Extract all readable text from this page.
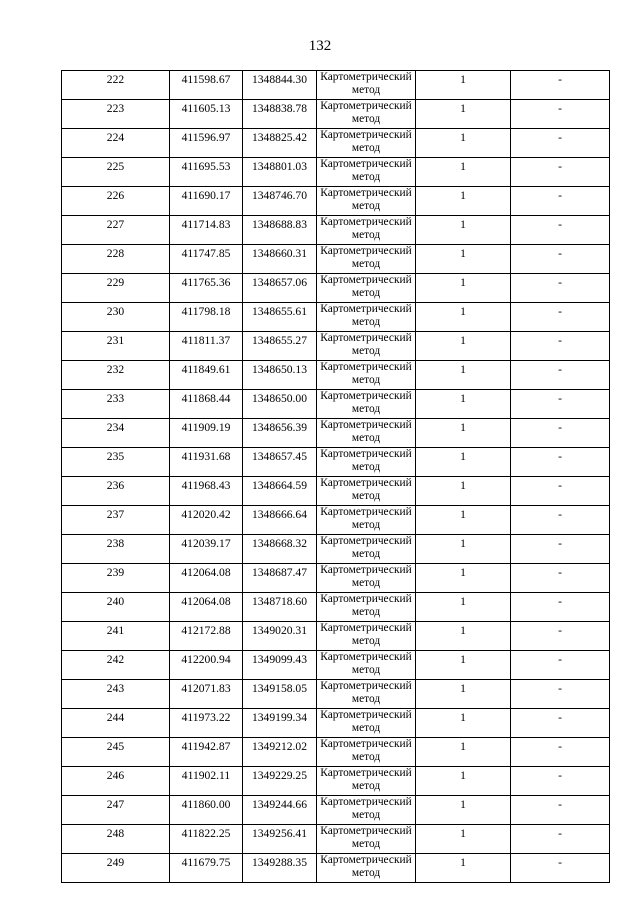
132
222	411598.67	1348844.30	Картометрический метод	1	-
223	411605.13	1348838.78	Картометрический метод	1	-
224	411596.97	1348825.42	Картометрический метод	1	-
225	411695.53	1348801.03	Картометрический метод	1	-
226	411690.17	1348746.70	Картометрический метод	1	-
227	411714.83	1348688.83	Картометрический метод	1	-
228	411747.85	1348660.31	Картометрический метод	1	-
229	411765.36	1348657.06	Картометрический метод	1	-
230	411798.18	1348655.61	Картометрический метод	1	-
231	411811.37	1348655.27	Картометрический метод	1	-
232	411849.61	1348650.13	Картометрический метод	1	-
233	411868.44	1348650.00	Картометрический метод	1	-
234	411909.19	1348656.39	Картометрический метод	1	-
235	411931.68	1348657.45	Картометрический метод	1	-
236	411968.43	1348664.59	Картометрический метод	1	-
237	412020.42	1348666.64	Картометрический метод	1	-
238	412039.17	1348668.32	Картометрический метод	1	-
239	412064.08	1348687.47	Картометрический метод	1	-
240	412064.08	1348718.60	Картометрический метод	1	-
241	412172.88	1349020.31	Картометрический метод	1	-
242	412200.94	1349099.43	Картометрический метод	1	-
243	412071.83	1349158.05	Картометрический метод	1	-
244	411973.22	1349199.34	Картометрический метод	1	-
245	411942.87	1349212.02	Картометрический метод	1	-
246	411902.11	1349229.25	Картометрический метод	1	-
247	411860.00	1349244.66	Картометрический метод	1	-
248	411822.25	1349256.41	Картометрический метод	1	-
249	411679.75	1349288.35	Картометрический метод	1	-
